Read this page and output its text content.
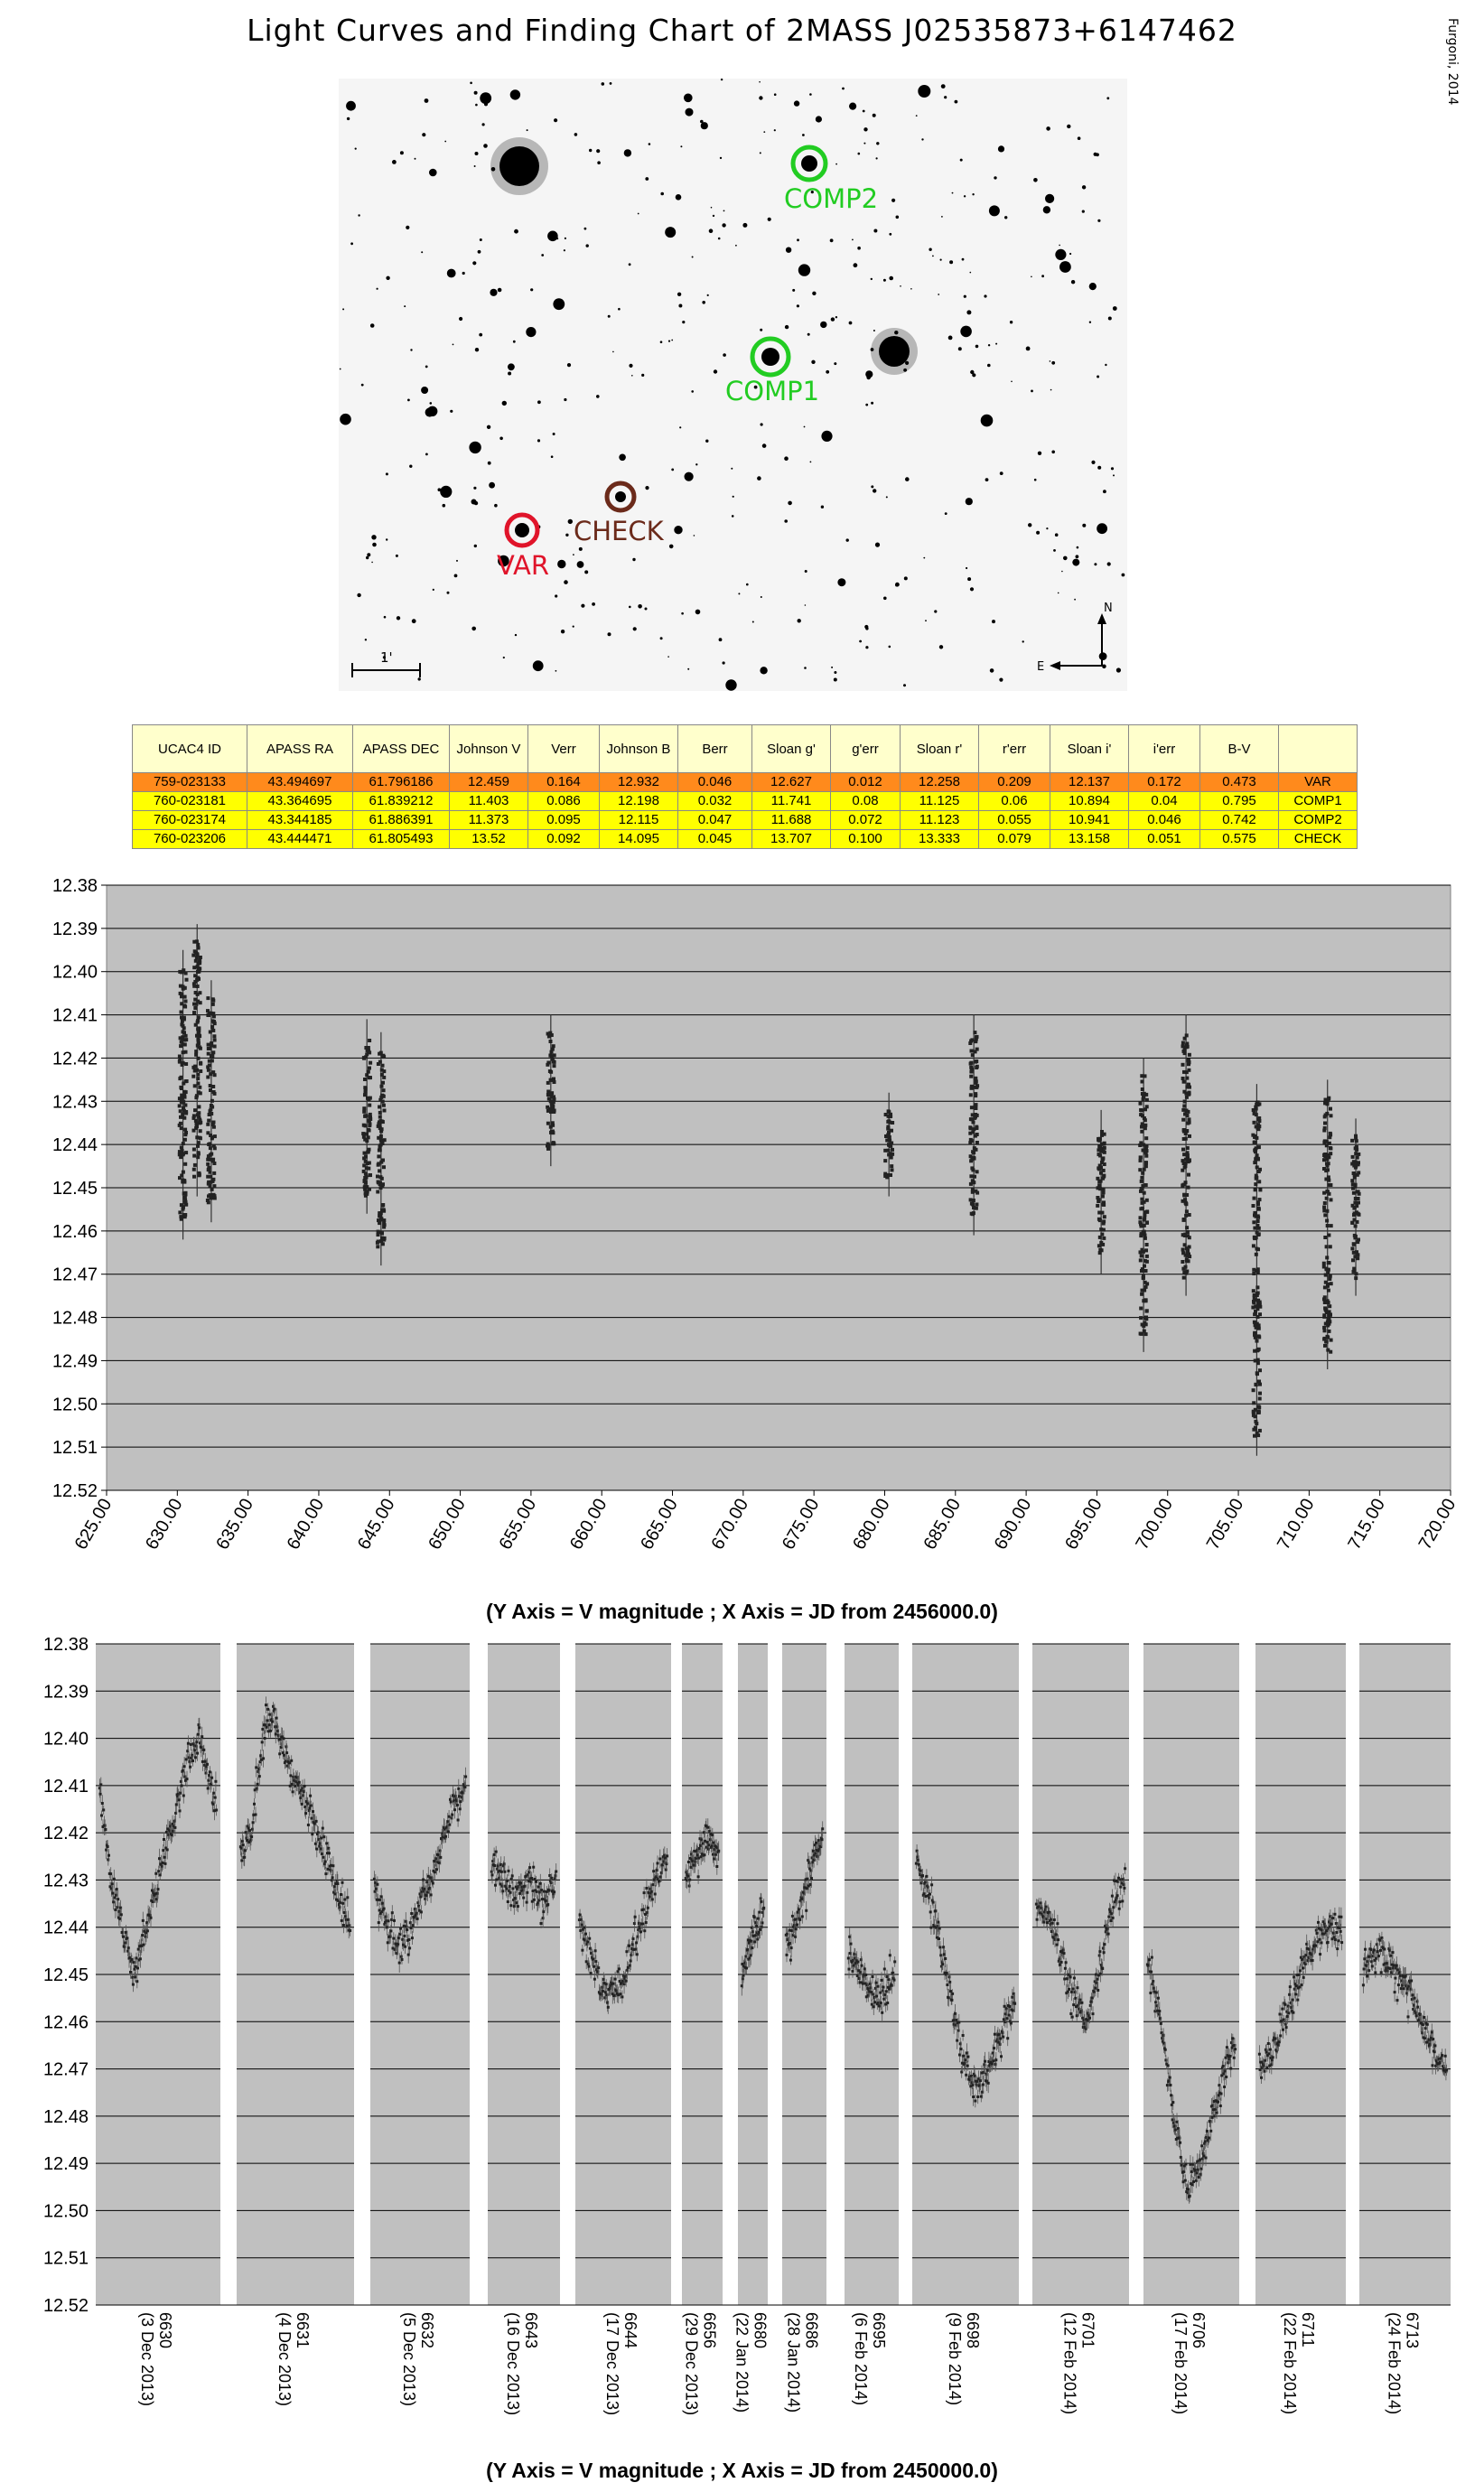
Light Curves and Finding Chart of 2MASS J02535873+6147462	Furgoni, 2014
COMP2
COMP1
CHECK
VAR
1'
N
E
UCAC4 ID	APASS RA	APASS DEC	Johnson V	Verr	Johnson B	Berr	Sloan g'	g'err	Sloan r'	r'err	Sloan i'	i'err	B-V	
759-023133	43.494697	61.796186	12.459	0.164	12.932	0.046	12.627	0.012	12.258	0.209	12.137	0.172	0.473	VAR
760-023181	43.364695	61.839212	11.403	0.086	12.198	0.032	11.741	0.08	11.125	0.06	10.894	0.04	0.795	COMP1
760-023174	43.344185	61.886391	11.373	0.095	12.115	0.047	11.688	0.072	11.123	0.055	10.941	0.046	0.742	COMP2
760-023206	43.444471	61.805493	13.52	0.092	14.095	0.045	13.707	0.100	13.333	0.079	13.158	0.051	0.575	CHECK
12.38
12.39
12.40
12.41
12.42
12.43
12.44
12.45
12.46
12.47
12.48
12.49
12.50
12.51
12.52
625.00 630.00 635.00 640.00 645.00 650.00 655.00 660.00 665.00 670.00 675.00 680.00 685.00 690.00 695.00 700.00 705.00 710.00 715.00 720.00
(Y Axis = V magnitude ; X Axis = JD from 2456000.0)
12.38
12.39
12.40
12.41
12.42
12.43
12.44
12.45
12.46
12.47
12.48
12.49
12.50
12.51
12.52
6630
(3 Dec 2013)	6631
(4 Dec 2013)	6632
(5 Dec 2013)	6643
(16 Dec 2013)	6644
(17 Dec 2013)	6656
(29 Dec 2013)	6680
(22 Jan 2014)	6686
(28 Jan 2014)	6695
(6 Feb 2014)	6698
(9 Feb 2014)	6701
(12 Feb 2014)	6706
(17 Feb 2014)	6711
(22 Feb 2014)	6713
(24 Feb 2014)
(Y Axis = V magnitude ; X Axis = JD from 2450000.0)
